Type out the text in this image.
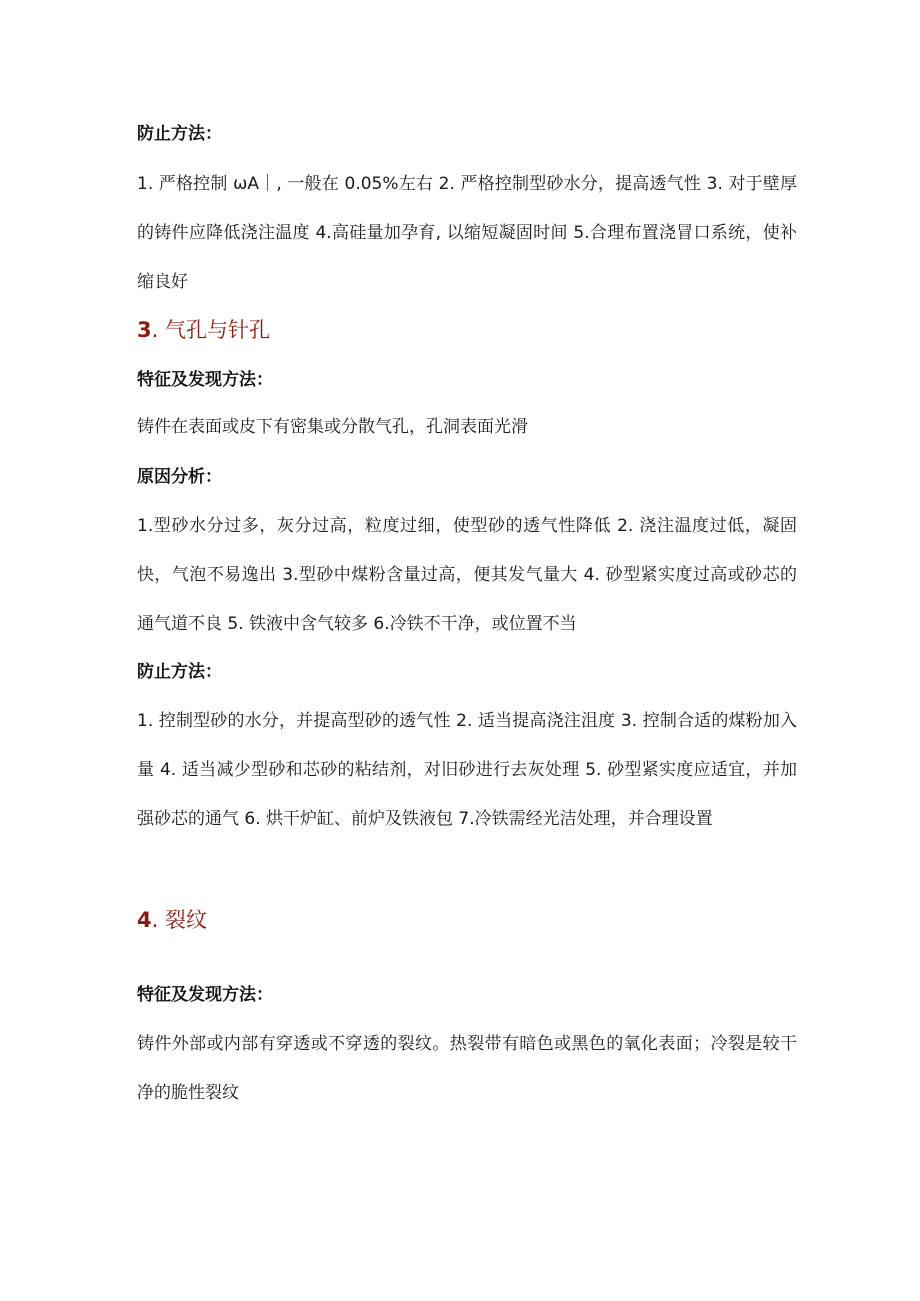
防止方法：
1. 严格控制 ωA｜, 一般在 0.05%左右 2. 严格控制型砂水分，提高透气性 3. 对于壁厚的铸件应降低浇注温度 4.高硅量加孕育, 以缩短凝固时间 5.合理布置浇冒口系统，使补缩良好
3. 气孔与针孔
特征及发现方法：
铸件在表面或皮下有密集或分散气孔，孔洞表面光滑
原因分析：
1.型砂水分过多，灰分过高，粒度过细，使型砂的透气性降低 2. 浇注温度过低，凝固快，气泡不易逸出 3.型砂中煤粉含量过高，便其发气量大 4. 砂型紧实度过高或砂芯的通气道不良 5. 铁液中含气较多 6.冷铁不干净，或位置不当
防止方法：
1. 控制型砂的水分，并提高型砂的透气性 2. 适当提高浇注沮度 3. 控制合适的煤粉加入量 4. 适当减少型砂和芯砂的粘结剂，对旧砂进行去灰处理 5. 砂型紧实度应适宜，并加强砂芯的通气 6. 烘干炉缸、前炉及铁液包 7.冷铁需经光洁处理，并合理设置
4. 裂纹
特征及发现方法：
铸件外部或内部有穿透或不穿透的裂纹。热裂带有暗色或黑色的氧化表面；冷裂是较干净的脆性裂纹
